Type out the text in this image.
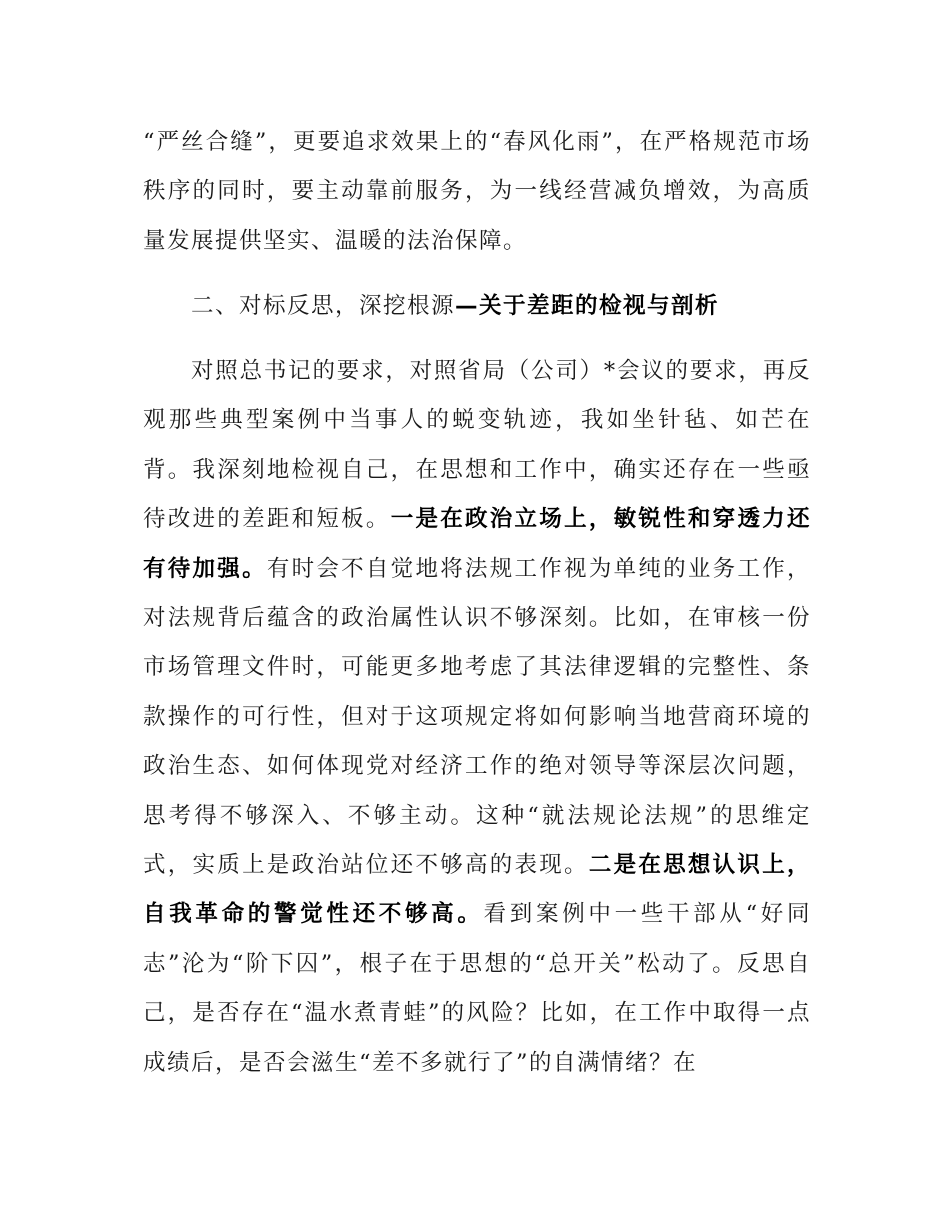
“严丝合缝”，更要追求效果上的“春风化雨”，在严格规范市场秩序的同时，要主动靠前服务，为一线经营减负增效，为高质量发展提供坚实、温暖的法治保障。

二、对标反思，深挖根源—关于差距的检视与剖析

对照总书记的要求，对照省局（公司）*会议的要求，再反观那些典型案例中当事人的蜕变轨迹，我如坐针毡、如芒在背。我深刻地检视自己，在思想和工作中，确实还存在一些亟待改进的差距和短板。一是在政治立场上，敏锐性和穿透力还有待加强。有时会不自觉地将法规工作视为单纯的业务工作，对法规背后蕴含的政治属性认识不够深刻。比如，在审核一份市场管理文件时，可能更多地考虑了其法律逻辑的完整性、条款操作的可行性，但对于这项规定将如何影响当地营商环境的政治生态、如何体现党对经济工作的绝对领导等深层次问题，思考得不够深入、不够主动。这种“就法规论法规”的思维定式，实质上是政治站位还不够高的表现。二是在思想认识上，自我革命的警觉性还不够高。看到案例中一些干部从“好同志”沦为“阶下囚”，根子在于思想的“总开关”松动了。反思自己，是否存在“温水煮青蛙”的风险？比如，在工作中取得一点成绩后，是否会滋生“差不多就行了”的自满情绪？在
